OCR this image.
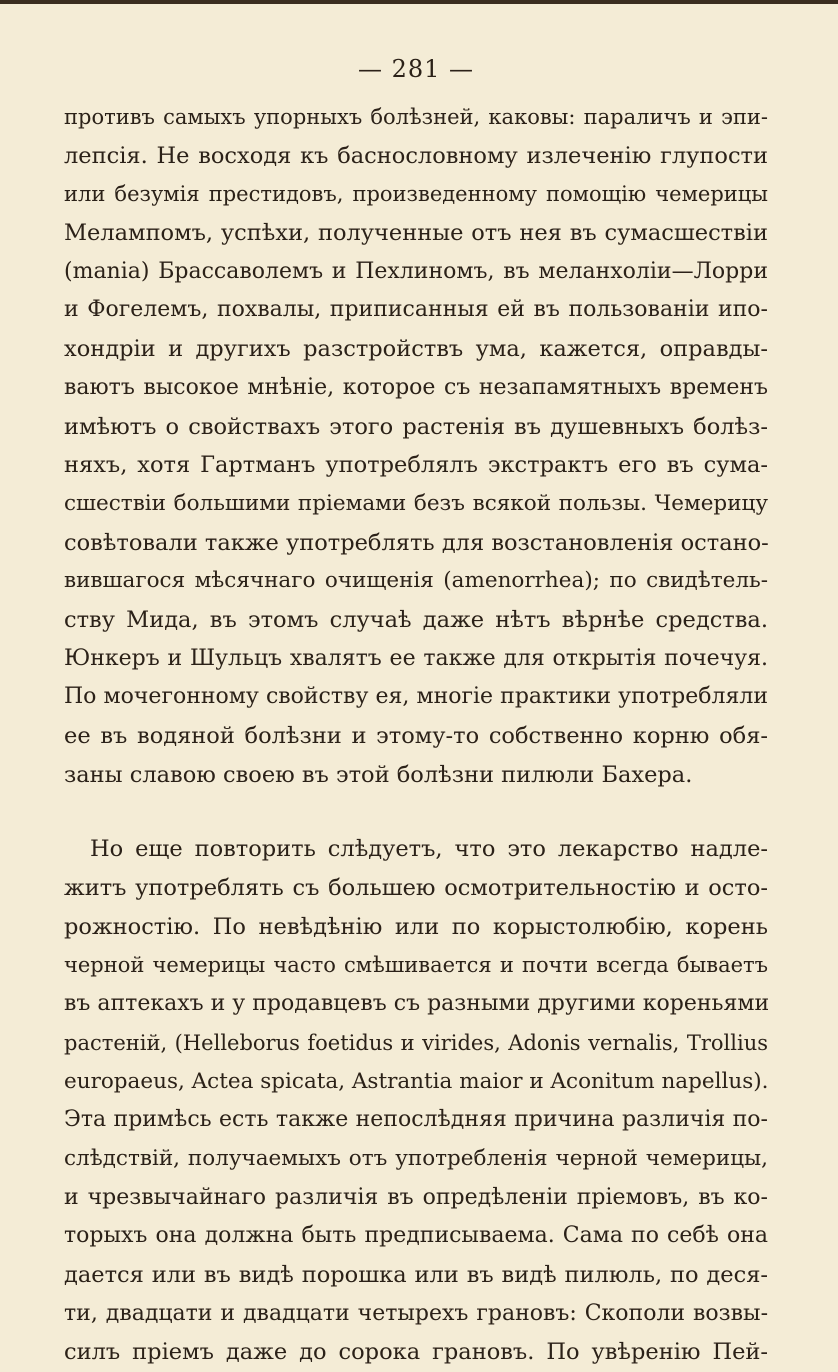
— 281 —
противъ самыхъ упорныхъ болѣзней, каковы: параличъ и эпи-
лепсія. Не восходя къ баснословному излеченію глупости
или безумія престидовъ, произведенному помощію чемерицы
Мелампомъ, успѣхи, полученные отъ нея въ сумасшествіи
(mania) Брассаволемъ и Пехлиномъ, въ меланхоліи—Лорри
и Фогелемъ, похвалы, приписанныя ей въ пользованіи ипо-
хондріи и другихъ разстройствъ ума, кажется, оправды-
ваютъ высокое мнѣніе, которое съ незапамятныхъ временъ
имѣютъ о свойствахъ этого растенія въ душевныхъ болѣз-
няхъ, хотя Гартманъ употреблялъ экстрактъ его въ сума-
сшествіи большими пріемами безъ всякой пользы. Чемерицу
совѣтовали также употреблять для возстановленія остано-
вившагося мѣсячнаго очищенія (amenorrhea); по свидѣтель-
ству Мида, въ этомъ случаѣ даже нѣтъ вѣрнѣе средства.
Юнкеръ и Шульцъ хвалятъ ее также для открытія почечуя.
По мочегонному свойству ея, многіе практики употребляли
ее въ водяной болѣзни и этому-то собственно корню обя-
заны славою своею въ этой болѣзни пилюли Бахера.
Но еще повторить слѣдуетъ, что это лекарство надле-
житъ употреблять съ большею осмотрительностію и осто-
рожностію. По невѣдѣнію или по корыстолюбію, корень
черной чемерицы часто смѣшивается и почти всегда бываетъ
въ аптекахъ и у продавцевъ съ разными другими кореньями
растеній, (Helleborus foetidus и virides, Adonis vernalis, Trollius
europaeus, Actea spicata, Astrantia maior и Aconitum napellus).
Эта примѣсь есть также непослѣдняя причина различія по-
слѣдствій, получаемыхъ отъ употребленія черной чемерицы,
и чрезвычайнаго различія въ опредѣленіи пріемовъ, въ ко-
торыхъ она должна быть предписываема. Сама по себѣ она
дается или въ видѣ порошка или въ видѣ пилюль, по деся-
ти, двадцати и двадцати четырехъ грановъ: Скополи возвы-
силъ пріемъ даже до сорока грановъ. По увѣренію Пей-
